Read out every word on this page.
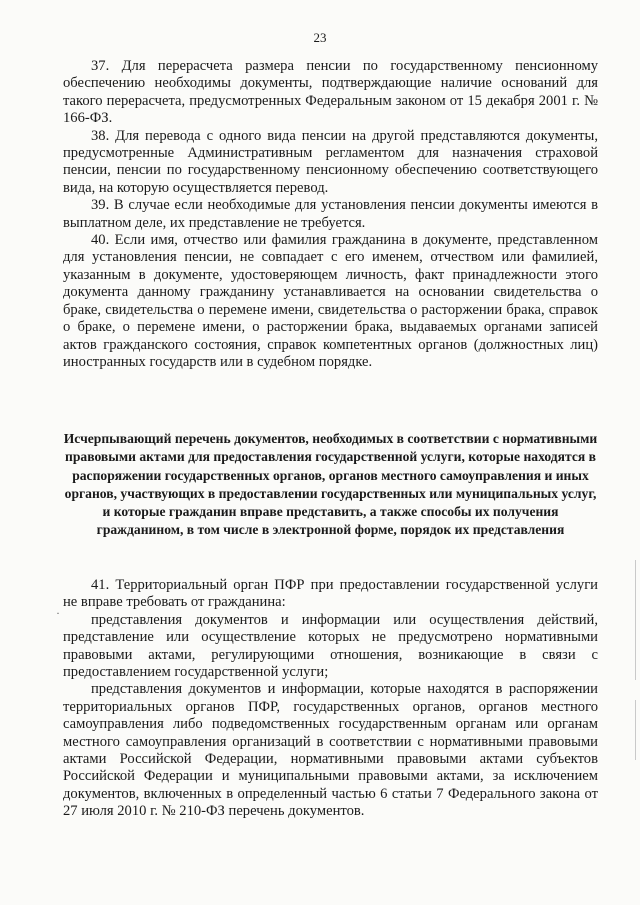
23

37. Для перерасчета размера пенсии по государственному пенсионному обеспечению необходимы документы, подтверждающие наличие оснований для такого перерасчета, предусмотренных Федеральным законом от 15 декабря 2001 г. № 166-ФЗ.

38. Для перевода с одного вида пенсии на другой представляются документы, предусмотренные Административным регламентом для назначения страховой пенсии, пенсии по государственному пенсионному обеспечению соответствующего вида, на которую осуществляется перевод.

39. В случае если необходимые для установления пенсии документы имеются в выплатном деле, их представление не требуется.

40. Если имя, отчество или фамилия гражданина в документе, представленном для установления пенсии, не совпадает с его именем, отчеством или фамилией, указанным в документе, удостоверяющем личность, факт принадлежности этого документа данному гражданину устанавливается на основании свидетельства о браке, свидетельства о перемене имени, свидетельства о расторжении брака, справок о браке, о перемене имени, о расторжении брака, выдаваемых органами записей актов гражданского состояния, справок компетентных органов (должностных лиц) иностранных государств или в судебном порядке.

Исчерпывающий перечень документов, необходимых в соответствии с нормативными правовыми актами для предоставления государственной услуги, которые находятся в распоряжении государственных органов, органов местного самоуправления и иных органов, участвующих в предоставлении государственных или муниципальных услуг, и которые гражданин вправе представить, а также способы их получения гражданином, в том числе в электронной форме, порядок их представления

·

41. Территориальный орган ПФР при предоставлении государственной услуги не вправе требовать от гражданина:

представления документов и информации или осуществления действий, представление или осуществление которых не предусмотрено нормативными правовыми актами, регулирующими отношения, возникающие в связи с предоставлением государственной услуги;

представления документов и информации, которые находятся в распоряжении территориальных органов ПФР, государственных органов, органов местного самоуправления либо подведомственных государственным органам или органам местного самоуправления организаций в соответствии с нормативными правовыми актами Российской Федерации, нормативными правовыми актами субъектов Российской Федерации и муниципальными правовыми актами, за исключением документов, включенных в определенный частью 6 статьи 7 Федерального закона от 27 июля 2010 г. № 210-ФЗ перечень документов.
